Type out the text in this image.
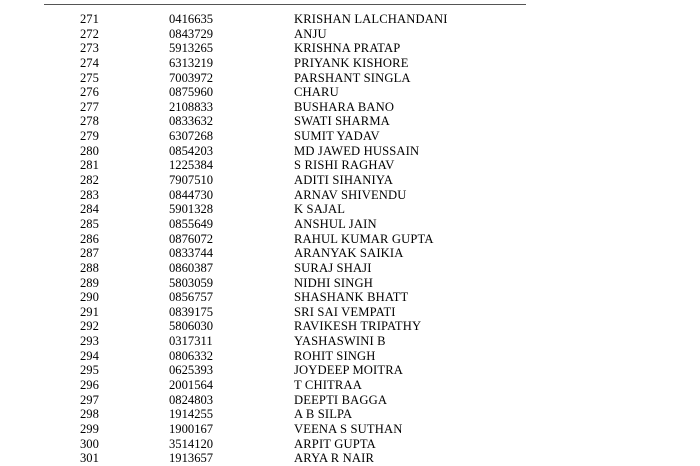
271	0416635	KRISHAN LALCHANDANI
272	0843729	ANJU
273	5913265	KRISHNA PRATAP
274	6313219	PRIYANK KISHORE
275	7003972	PARSHANT SINGLA
276	0875960	CHARU
277	2108833	BUSHARA BANO
278	0833632	SWATI SHARMA
279	6307268	SUMIT YADAV
280	0854203	MD JAWED HUSSAIN
281	1225384	S RISHI RAGHAV
282	7907510	ADITI SIHANIYA
283	0844730	ARNAV SHIVENDU
284	5901328	K SAJAL
285	0855649	ANSHUL JAIN
286	0876072	RAHUL KUMAR GUPTA
287	0833744	ARANYAK SAIKIA
288	0860387	SURAJ SHAJI
289	5803059	NIDHI SINGH
290	0856757	SHASHANK BHATT
291	0839175	SRI SAI VEMPATI
292	5806030	RAVIKESH TRIPATHY
293	0317311	YASHASWINI B
294	0806332	ROHIT SINGH
295	0625393	JOYDEEP MOITRA
296	2001564	T CHITRAA
297	0824803	DEEPTI BAGGA
298	1914255	A B SILPA
299	1900167	VEENA S SUTHAN
300	3514120	ARPIT GUPTA
301	1913657	ARYA R NAIR
